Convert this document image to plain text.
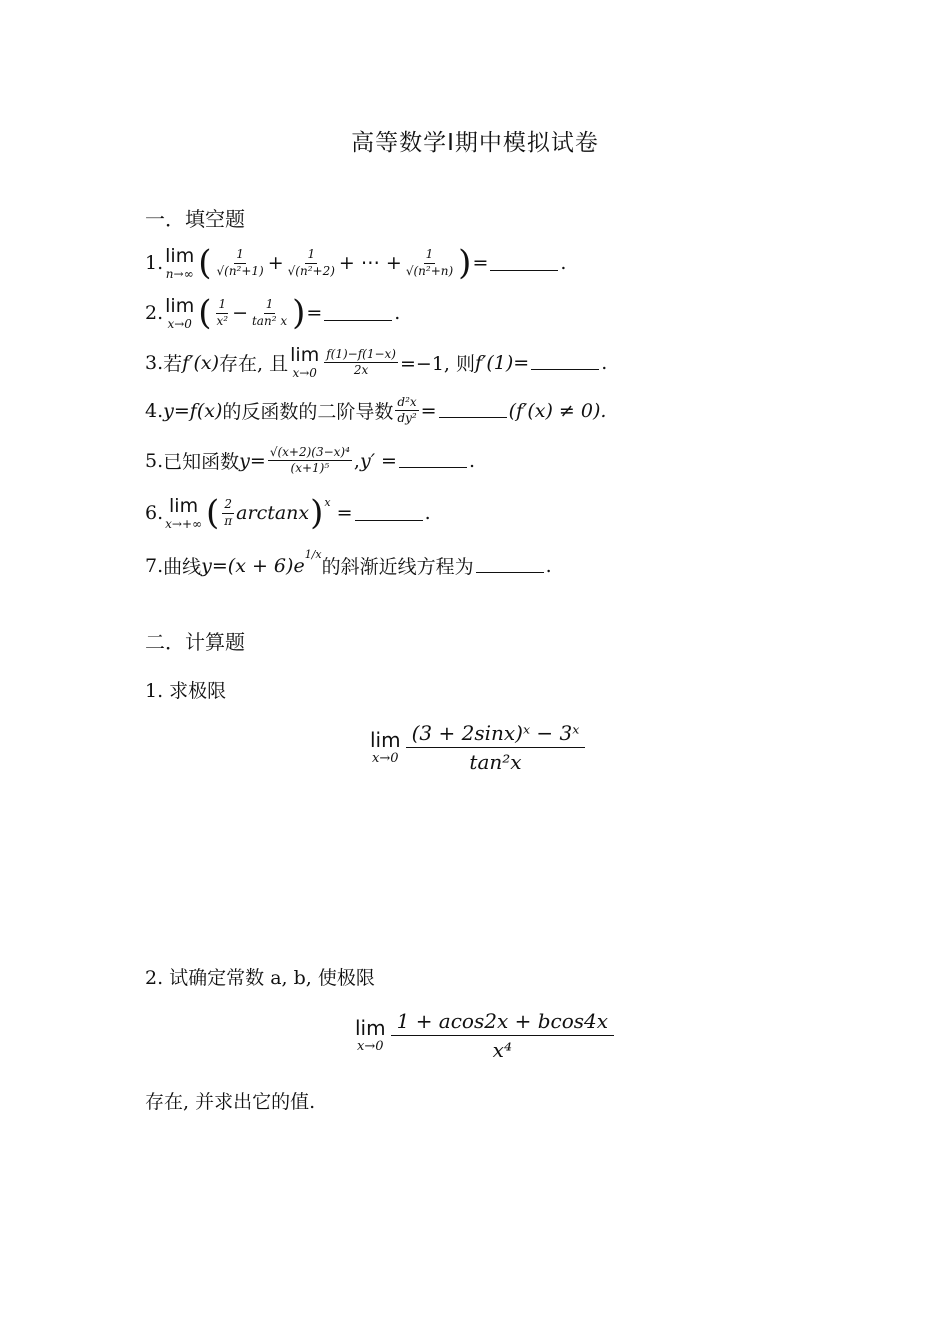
高等数学Ⅰ期中模拟试卷
一．填空题
1. lim
n→∞ ( $\frac{1}{\text{√(n²+1)}} + \frac{1}{\text{√(n²+2)}}$ + ⋯ + $\frac{1}{\text{√(n²+n)}}$ ) =	.
2. lim
x→0 ( $\frac{1}{\text{x²}} - \frac{1}{\text{tan² x}}$ ) =	.
3. 若 f′(x) 存在, 且 lim
$x\to 0 \frac{f(1)-f(1-x)}{2x} =-1$, 则 f′(1) =	.
4. y = f(x) 的反函数的二阶导数 $\frac{\text{d²x}}{\text{dy²}}$ =	(f′(x) ≠ 0).
5. 已知函数 $y = \frac{\text{√(x+2)(3−x)⁴}}{\text{(x+1)⁵}}$ , y′ =	.
6. lim
x→+∞ ( $\frac{2}{\pi}$ arctanx )$^x$ =	.
7. 曲线 $y=(x + 6)e^{1/x}$
的斜渐近线方程为	.
二．计算题
1. 求极限
lim
$x\to 0 \frac{\text{(3 + 2sinx)ˣ − 3ˣ}}{\text{tan²x}}$
2. 试确定常数 a, b, 使极限
lim
$x\to 0 \frac{1 + acos2x + bcos4x}{\text{x⁴}}$
存在, 并求出它的值.
